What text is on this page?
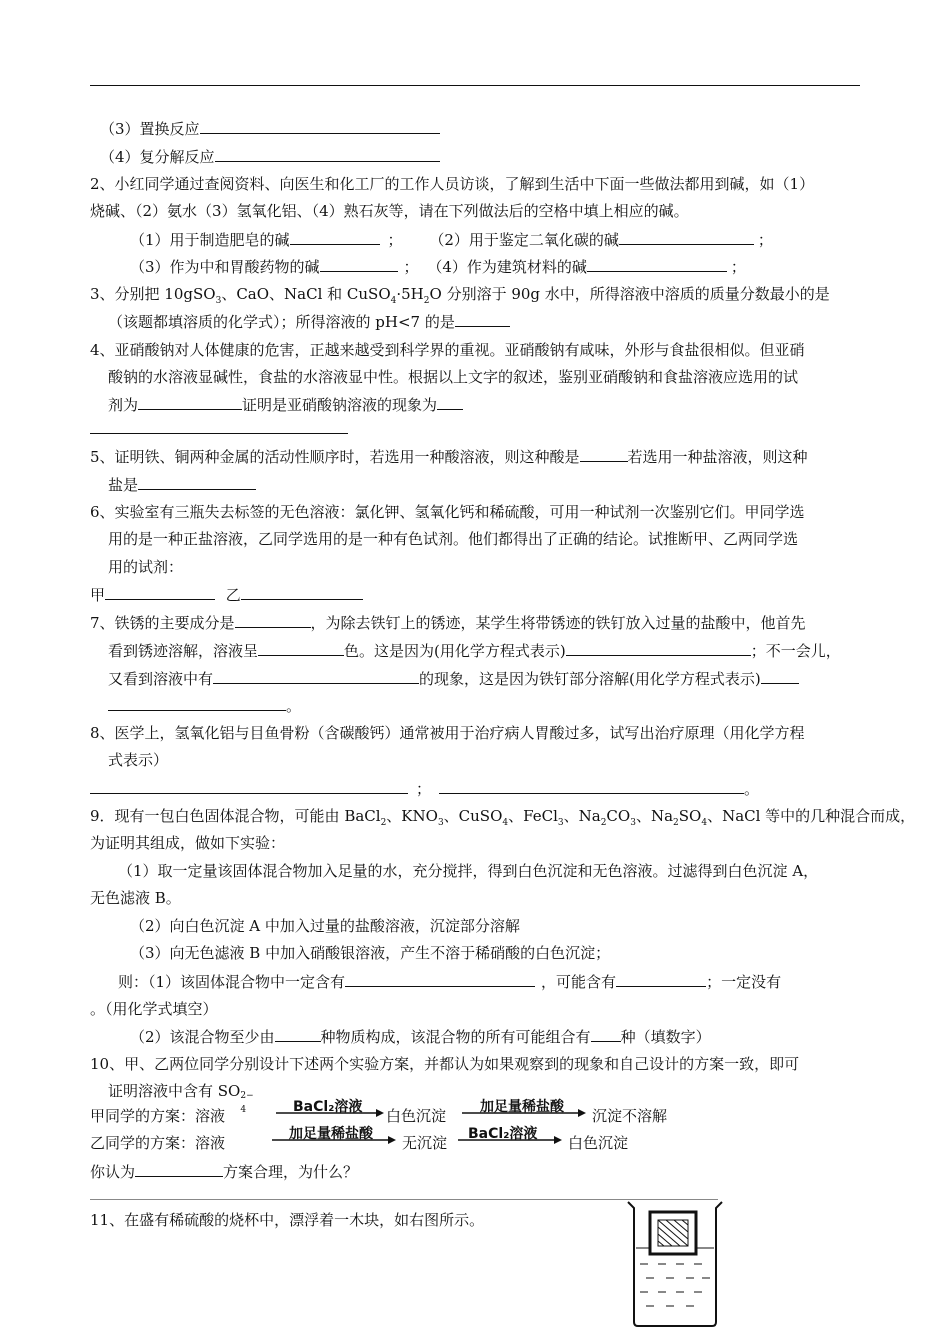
（3）置换反应
（4）复分解反应
2、小红同学通过查阅资料、向医生和化工厂的工作人员访谈，了解到生活中下面一些做法都用到碱，如（1）
烧碱、（2）氨水（3）氢氧化铝、（4）熟石灰等，请在下列做法后的空格中填上相应的碱。
（1）用于制造肥皂的碱	； （2）用于鉴定二氧化碳的碱	；
（3）作为中和胃酸药物的碱	； （4）作为建筑材料的碱	；
3、分别把 10gSO$_3$、CaO、NaCl 和 $CuSO_4\cdot 5H_2O$ 分别溶于 90g 水中，所得溶液中溶质的质量分数最小的是
（该题都填溶质的化学式）；所得溶液的 pH<7 的是
4、亚硝酸钠对人体健康的危害，正越来越受到科学界的重视。亚硝酸钠有咸味，外形与食盐很相似。但亚硝
酸钠的水溶液显碱性，食盐的水溶液显中性。根据以上文字的叙述，鉴别亚硝酸钠和食盐溶液应选用的试
剂为	证明是亚硝酸钠溶液的现象为
5、证明铁、铜两种金属的活动性顺序时，若选用一种酸溶液，则这种酸是	若选用一种盐溶液，则这种
盐是
6、实验室有三瓶失去标签的无色溶液：氯化钾、氢氧化钙和稀硫酸，可用一种试剂一次鉴别它们。甲同学选
用的是一种正盐溶液，乙同学选用的是一种有色试剂。他们都得出了正确的结论。试推断甲、乙两同学选
用的试剂：
甲	乙
7、铁锈的主要成分是	，为除去铁钉上的锈迹，某学生将带锈迹的铁钉放入过量的盐酸中，他首先
看到锈迹溶解，溶液呈	色。这是因为(用化学方程式表示)	；不一会儿，
又看到溶液中有	的现象，这是因为铁钉部分溶解(用化学方程式表示)
。
8、医学上，氢氧化铝与目鱼骨粉（含碳酸钙）通常被用于治疗病人胃酸过多，试写出治疗原理（用化学方程
式表示）
；	。
9．现有一包白色固体混合物，可能由 BaCl$_2$、$KNO_3$、CuSO$_4$、FeCl$_3$、$Na_2CO_3$、$Na_2SO_4$、NaCl 等中的几种混合而成，
为证明其组成，做如下实验：
（1）取一定量该固体混合物加入足量的水，充分搅拌，得到白色沉淀和无色溶液。过滤得到白色沉淀 A，
无色滤液 B。
（2）向白色沉淀 A 中加入过量的盐酸溶液，沉淀部分溶解
（3）向无色滤液 B 中加入硝酸银溶液，产生不溶于稀硝酸的白色沉淀；
则：（1）该固体混合物中一定含有	，可能含有	；一定没有
。（用化学式填空）
（2）该混合物至少由	种物质构成，该混合物的所有可能组合有 种（填数字）
10、甲、乙两位同学分别设计下述两个实验方案，并都认为如果观察到的现象和自己设计的方案一致，即可
证明溶液中含有 SO 2−
4
甲同学的方案：溶液	BaCl₂溶液 白色沉淀 加足量稀盐酸 沉淀不溶解
乙同学的方案：溶液	加足量稀盐酸 无沉淀 BaCl₂溶液 白色沉淀
你认为	方案合理，为什么？
11、在盛有稀硫酸的烧杯中，漂浮着一木块，如右图所示。
